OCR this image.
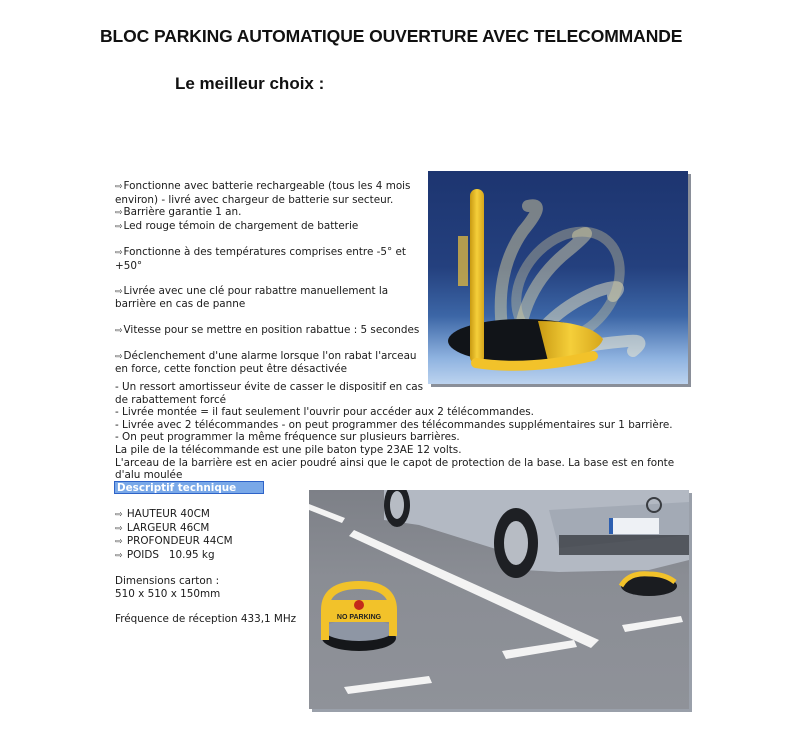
BLOC PARKING AUTOMATIQUE OUVERTURE AVEC TELECOMMANDE
Le meilleur choix :

⇨Fonctionne avec batterie rechargeable (tous les 4 mois

environ) - livré avec chargeur de batterie sur secteur.

⇨Barrière garantie 1 an.

⇨Led rouge témoin de chargement de batterie

⇨Fonctionne à des températures comprises entre -5° et

+50°

⇨Livrée avec une clé pour rabattre manuellement la

barrière en cas de panne

⇨Vitesse pour se mettre en position rabattue : 5 secondes

⇨Déclenchement d'une alarme lorsque l'on rabat l'arceau

en force, cette fonction peut être désactivée

- Un ressort amortisseur évite de casser le dispositif en cas

de rabattement forcé

- Livrée montée = il faut seulement l'ouvrir pour accéder aux 2 télécommandes.

- Livrée avec 2 télécommandes - on peut programmer des télécommandes supplémentaires sur 1 barrière.

- On peut programmer la même fréquence sur plusieurs barrières.

La pile de la télécommande est une pile baton type 23AE 12 volts.

L'arceau de la barrière est en acier poudré ainsi que le capot de protection de la base. La base est en fonte

d'alu moulée

Descriptif technique

⇨ HAUTEUR 40CM

⇨ LARGEUR 46CM

⇨ PROFONDEUR 44CM

⇨ POIDS   10.95 kg

Dimensions carton :

510 x 510 x 150mm

Fréquence de réception 433,1 MHz	NO PARKING
